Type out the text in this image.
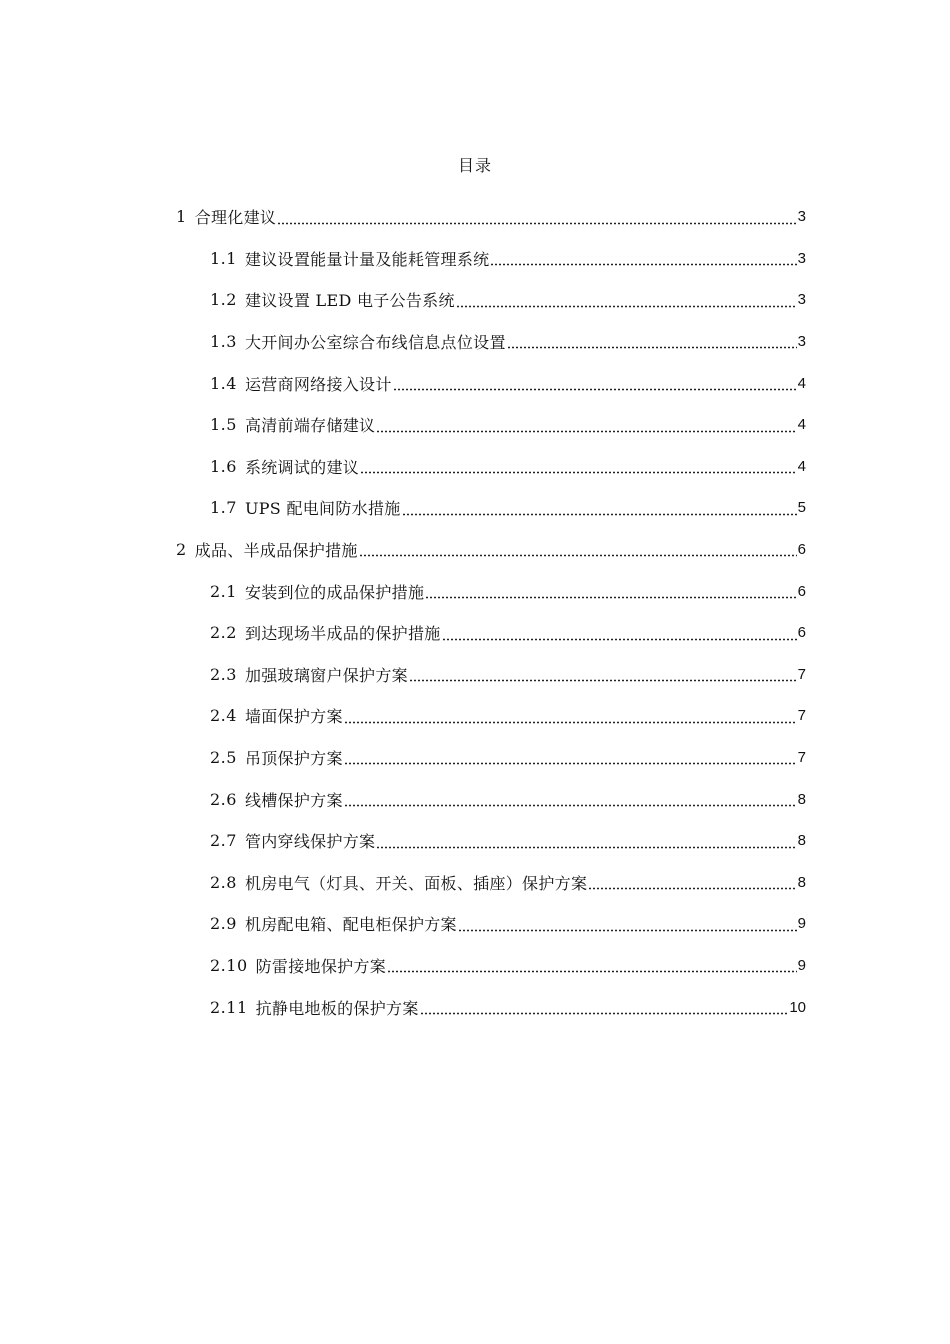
目录
1 合理化建议	3
1.1 建议设置能量计量及能耗管理系统	3
1.2 建议设置 LED 电子公告系统	3
1.3 大开间办公室综合布线信息点位设置	3
1.4 运营商网络接入设计	4
1.5 高清前端存储建议	4
1.6 系统调试的建议	4
1.7 UPS 配电间防水措施	5
2 成品、半成品保护措施	6
2.1 安装到位的成品保护措施	6
2.2 到达现场半成品的保护措施	6
2.3 加强玻璃窗户保护方案	7
2.4 墙面保护方案	7
2.5 吊顶保护方案	7
2.6 线槽保护方案	8
2.7 管内穿线保护方案	8
2.8 机房电气（灯具、开关、面板、插座）保护方案	8
2.9 机房配电箱、配电柜保护方案	9
2.10 防雷接地保护方案	9
2.11 抗静电地板的保护方案	10
